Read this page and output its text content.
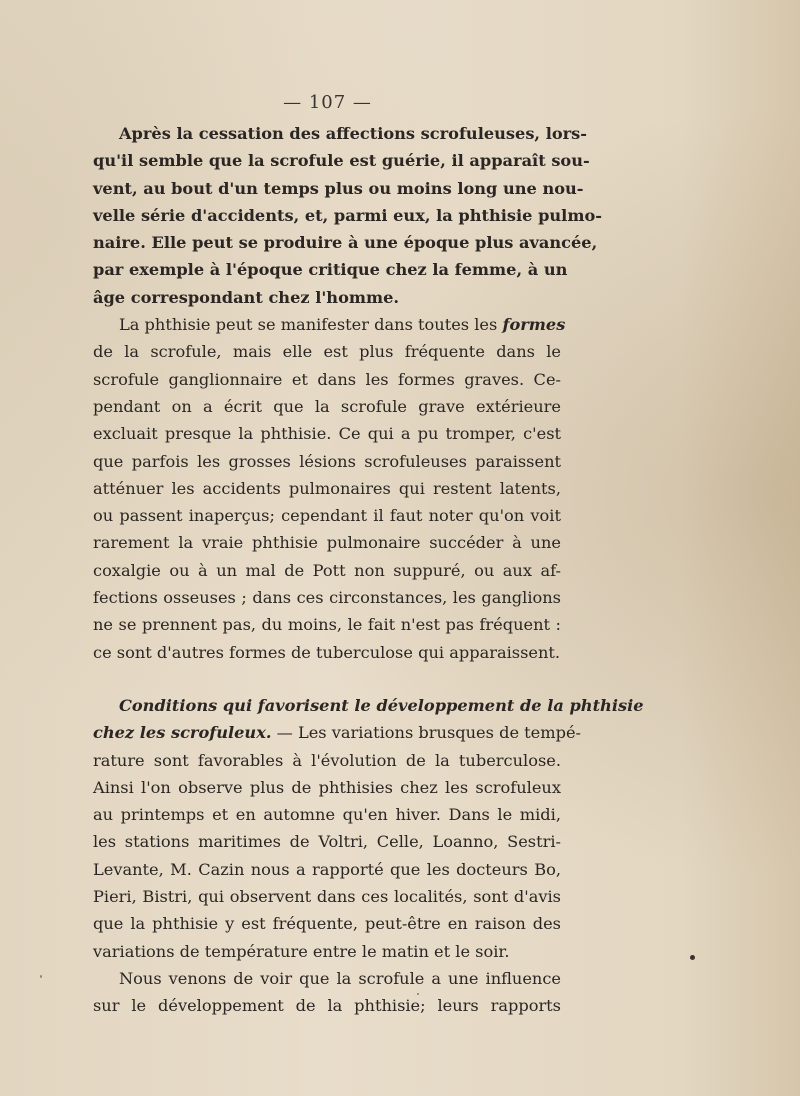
— 107 —
Après la cessation des affections scrofuleuses, lors-
qu'il semble que la scrofule est guérie, il apparaît sou-
vent, au bout d'un temps plus ou moins long une nou-
velle série d'accidents, et, parmi eux, la phthisie pulmo-
naire. Elle peut se produire à une époque plus avancée,
par exemple à l'époque critique chez la femme, à un
âge correspondant chez l'homme.
La phthisie peut se manifester dans toutes les formes
de la scrofule, mais elle est plus fréquente dans le
scrofule ganglionnaire et dans les formes graves. Ce-
pendant on a écrit que la scrofule grave extérieure
excluait presque la phthisie. Ce qui a pu tromper, c'est
que parfois les grosses lésions scrofuleuses paraissent
atténuer les accidents pulmonaires qui restent latents,
ou passent inaperçus; cependant il faut noter qu'on voit
rarement la vraie phthisie pulmonaire succéder à une
coxalgie ou à un mal de Pott non suppuré, ou aux af-
fections osseuses ; dans ces circonstances, les ganglions
ne se prennent pas, du moins, le fait n'est pas fréquent :
ce sont d'autres formes de tuberculose qui apparaissent.
Conditions qui favorisent le développement de la phthisie
chez les scrofuleux. — Les variations brusques de tempé-
rature sont favorables à l'évolution de la tuberculose.
Ainsi l'on observe plus de phthisies chez les scrofuleux
au printemps et en automne qu'en hiver. Dans le midi,
les stations maritimes de Voltri, Celle, Loanno, Sestri-
Levante, M. Cazin nous a rapporté que les docteurs Bo,
Pieri, Bistri, qui observent dans ces localités, sont d'avis
que la phthisie y est fréquente, peut-être en raison des
variations de température entre le matin et le soir.
Nous venons de voir que la scrofule a une influence
sur le développement de la phthisie; leurs rapports
